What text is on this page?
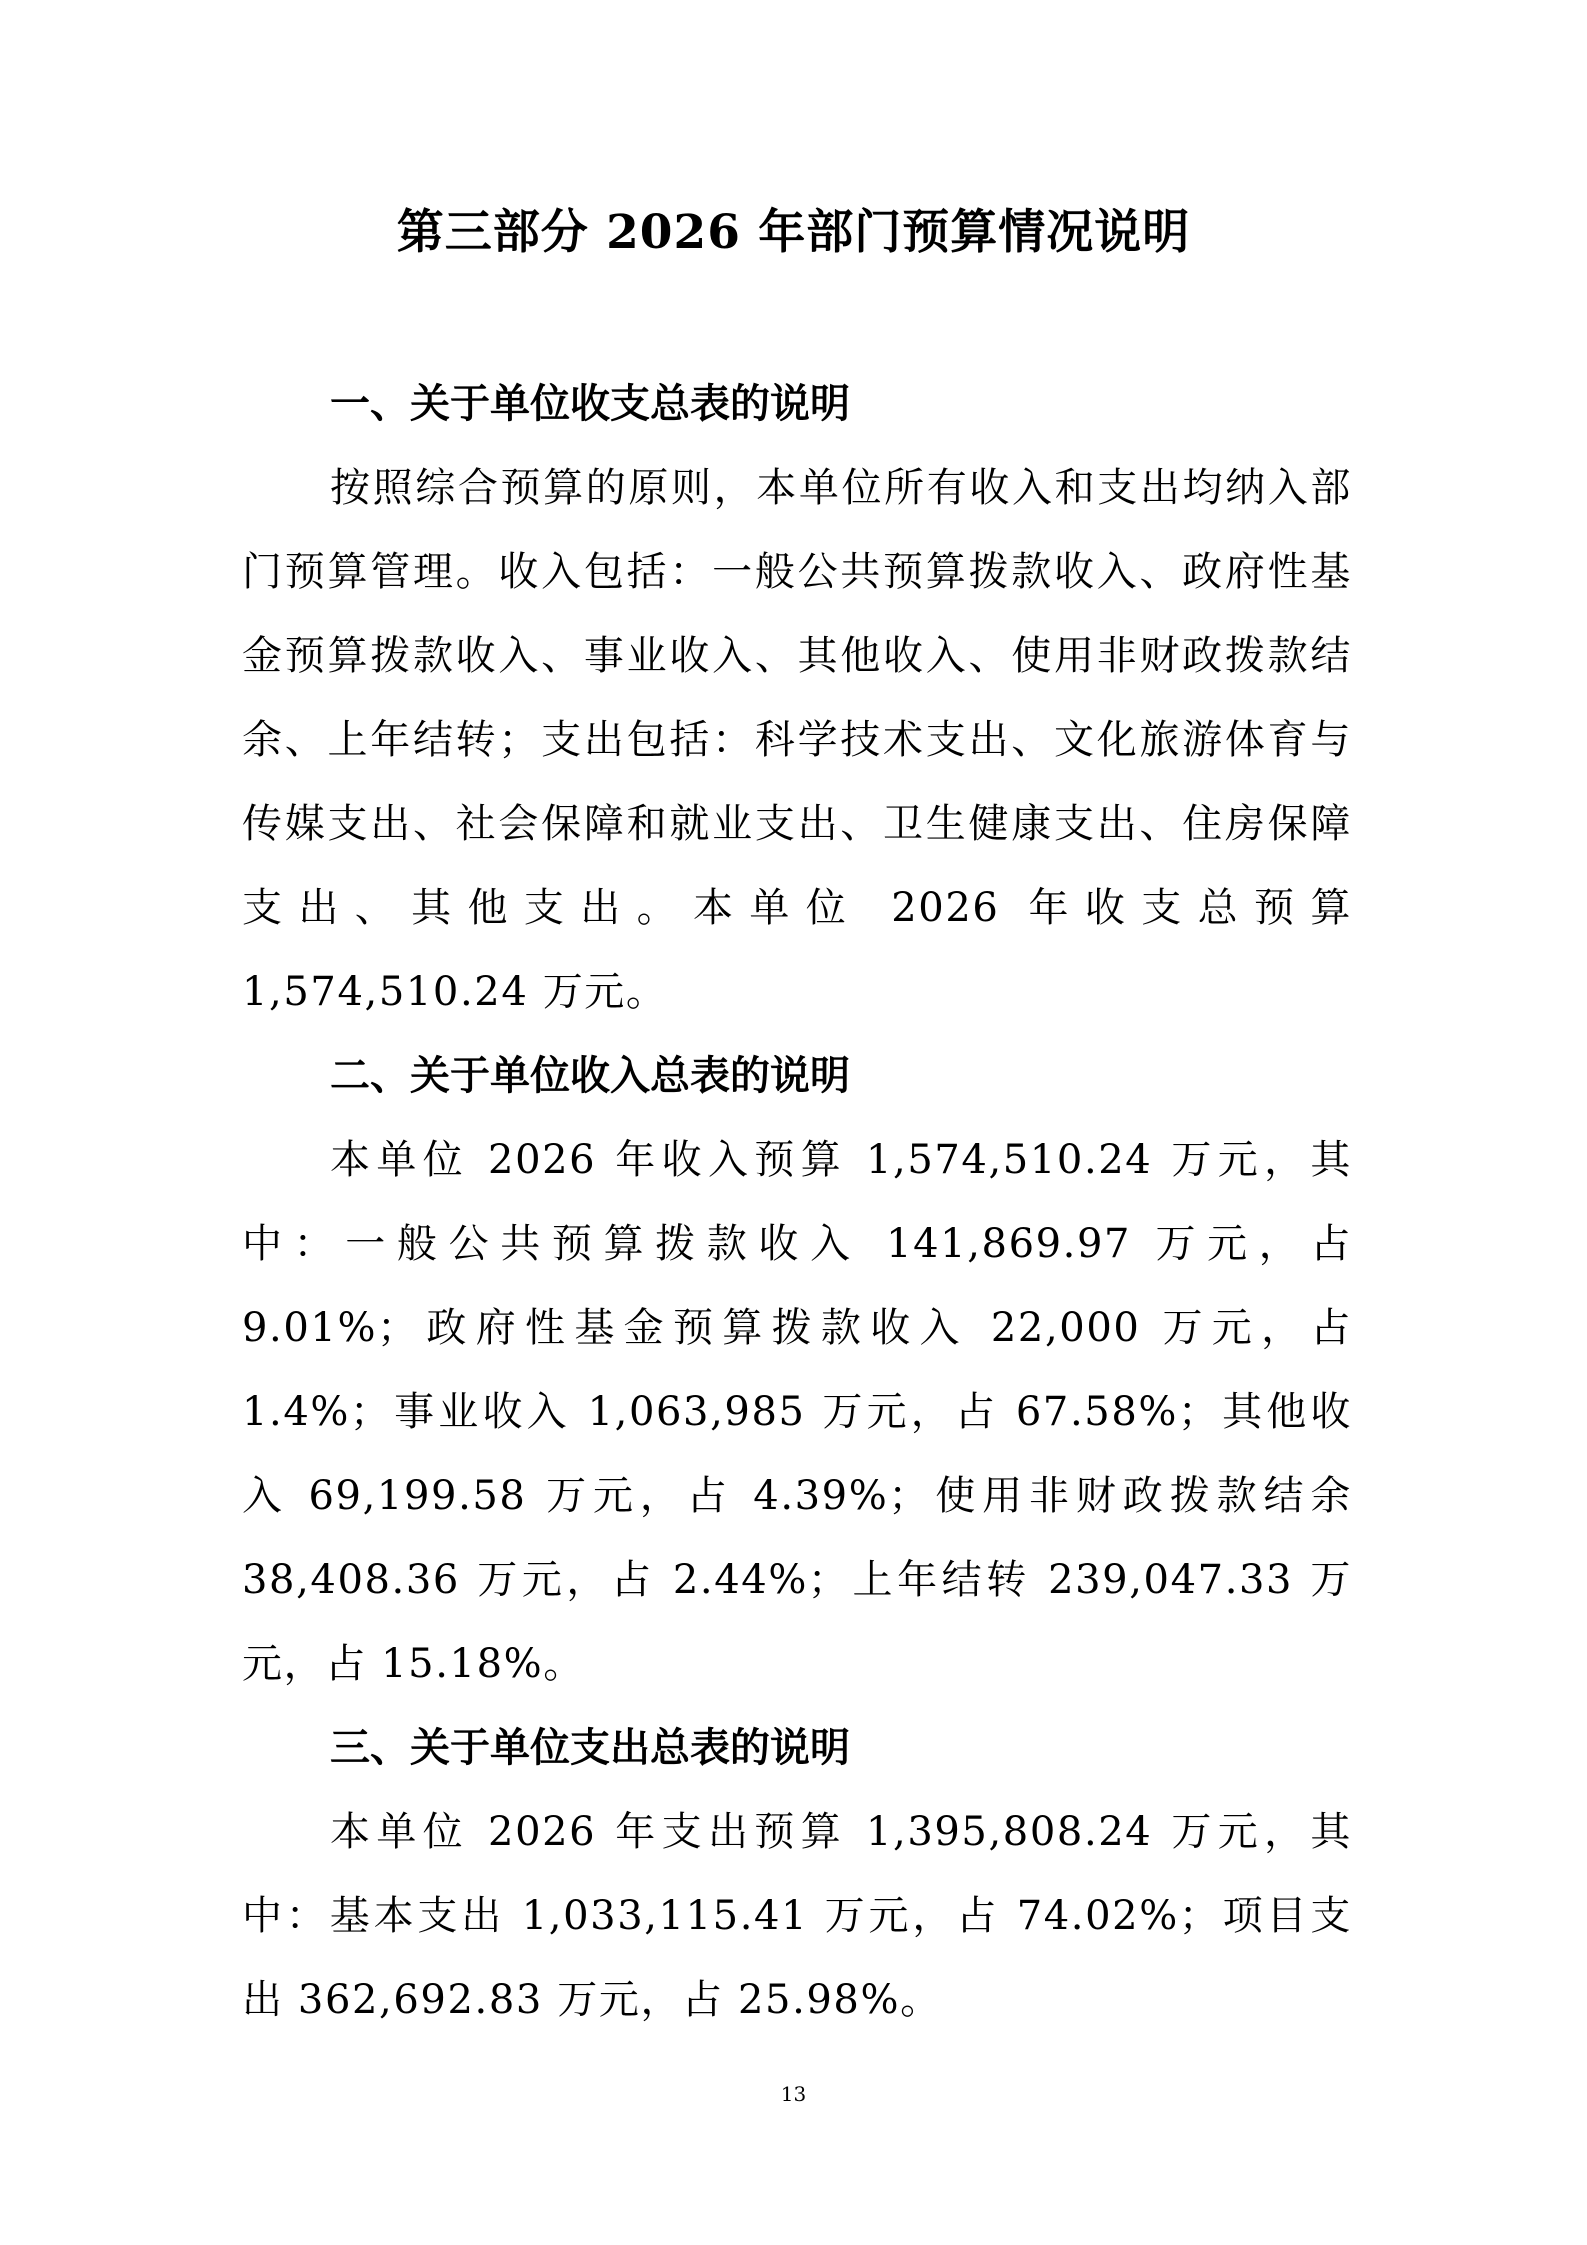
第三部分 2026 年部门预算情况说明
一、关于单位收支总表的说明

按照综合预算的原则，本单位所有收入和支出均纳入部门预算管理。收入包括：一般公共预算拨款收入、政府性基金预算拨款收入、事业收入、其他收入、使用非财政拨款结余、上年结转；支出包括：科学技术支出、文化旅游体育与传媒支出、社会保障和就业支出、卫生健康支出、住房保障支出、其他支出。本单位 2026 年收支总预算 1,574,510.24 万元。

二、关于单位收入总表的说明

本单位 2026 年收入预算 1,574,510.24 万元，其中：一般公共预算拨款收入 141,869.97 万元，占 9.01%；政府性基金预算拨款收入 22,000 万元，占 1.4%；事业收入 1,063,985 万元，占 67.58%；其他收入 69,199.58 万元，占 4.39%；使用非财政拨款结余 38,408.36 万元，占 2.44%；上年结转 239,047.33 万元，占 15.18%。

三、关于单位支出总表的说明

本单位 2026 年支出预算 1,395,808.24 万元，其中：基本支出 1,033,115.41 万元，占 74.02%；项目支出 362,692.83 万元，占 25.98%。

13
